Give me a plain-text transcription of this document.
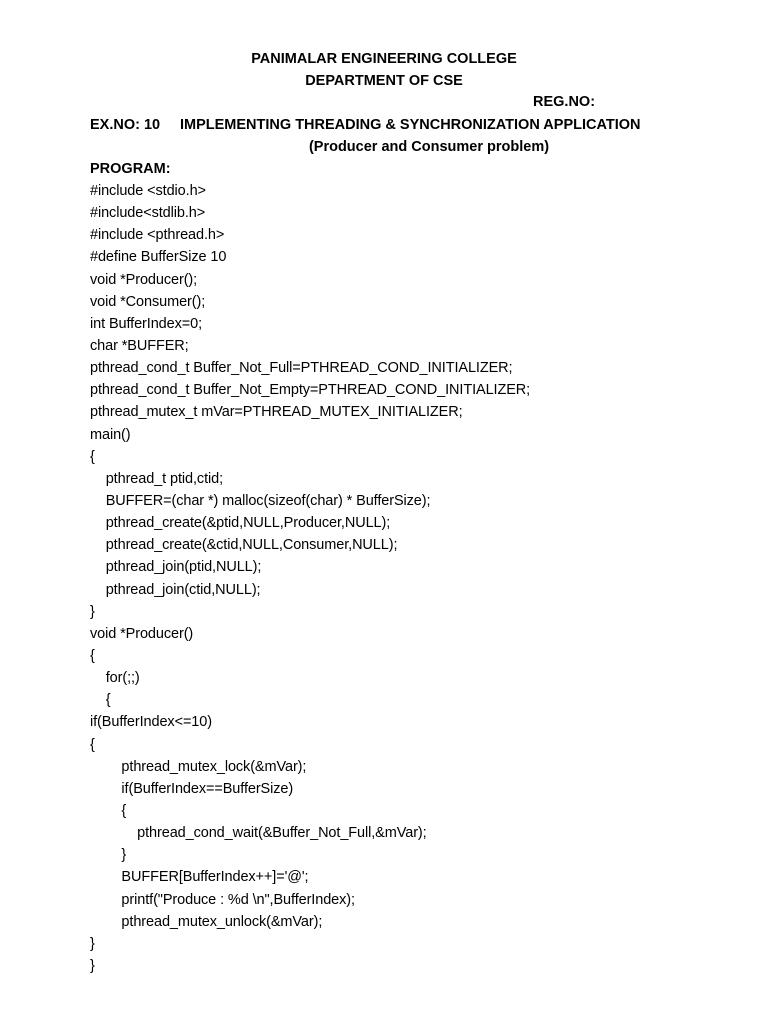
PANIMALAR ENGINEERING COLLEGE
DEPARTMENT OF CSE
REG.NO:
EX.NO: 10 IMPLEMENTING THREADING & SYNCHRONIZATION APPLICATION
(Producer and Consumer problem)
PROGRAM:
#include <stdio.h>
#include<stdlib.h>
#include <pthread.h>
#define BufferSize 10
void *Producer();
void *Consumer();
int BufferIndex=0;
char *BUFFER;
pthread_cond_t Buffer_Not_Full=PTHREAD_COND_INITIALIZER;
pthread_cond_t Buffer_Not_Empty=PTHREAD_COND_INITIALIZER;
pthread_mutex_t mVar=PTHREAD_MUTEX_INITIALIZER;
main()
{
pthread_t ptid,ctid;
BUFFER=(char *) malloc(sizeof(char) * BufferSize);
pthread_create(&ptid,NULL,Producer,NULL);
pthread_create(&ctid,NULL,Consumer,NULL);
pthread_join(ptid,NULL);
pthread_join(ctid,NULL);
}
void *Producer()
{
for(;;)
{
if(BufferIndex<=10)
{
pthread_mutex_lock(&mVar);
if(BufferIndex==BufferSize)
{
pthread_cond_wait(&Buffer_Not_Full,&mVar);
}
BUFFER[BufferIndex++]='@';
printf("Produce : %d \n",BufferIndex);
pthread_mutex_unlock(&mVar);
}
}
